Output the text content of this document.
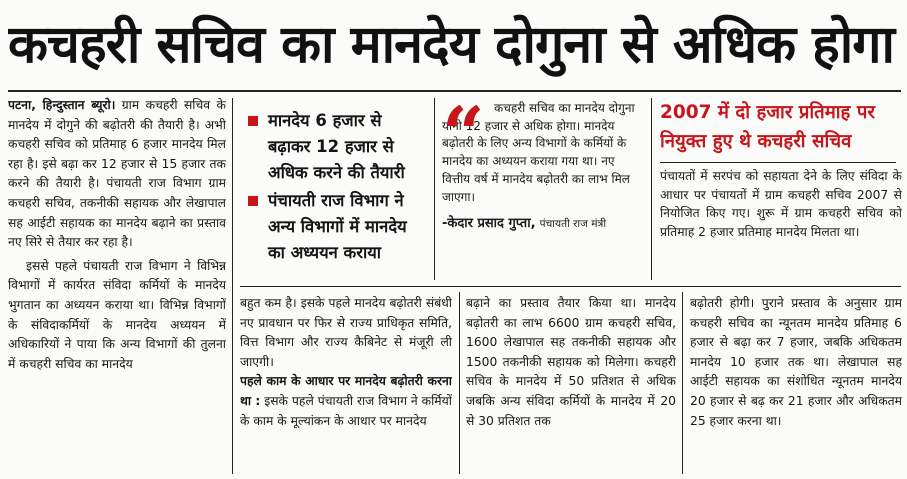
कचहरी सचिव का मानदेय दोगुना से अधिक होगा

पटना, हिन्दुस्तान ब्यूरो। ग्राम कचहरी सचिव के मानदेय में दोगुने की बढ़ोतरी की तैयारी है। अभी कचहरी सचिव को प्रतिमाह 6 हजार मानदेय मिल रहा है। इसे बढ़ा कर 12 हजार से 15 हजार तक करने की तैयारी है। पंचायती राज विभाग ग्राम कचहरी सचिव, तकनीकी सहायक और लेखापाल सह आईटी सहायक का मानदेय बढ़ाने का प्रस्ताव नए सिरे से तैयार कर रहा है।

इससे पहले पंचायती राज विभाग ने विभिन्न विभागों में कार्यरत संविदा कर्मियों के मानदेय भुगतान का अध्ययन कराया था। विभिन्न विभागों के संविदाकर्मियों के मानदेय अध्ययन में अधिकारियों ने पाया कि अन्य विभागों की तुलना में कचहरी सचिव का मानदेय

मानदेय 6 हजार से बढ़ाकर 12 हजार से अधिक करने की तैयारी
पंचायती राज विभाग ने अन्य विभागों में मानदेय का अध्ययन कराया
“ कचहरी सचिव का मानदेय दोगुना यानी 12 हजार से अधिक होगा। मानदेय बढ़ोतरी के लिए अन्य विभागों के कर्मियों के मानदेय का अध्ययन कराया गया था। नए वित्तीय वर्ष में मानदेय बढ़ोतरी का लाभ मिल जाएगा।
-केदार प्रसाद गुप्ता, पंचायती राज मंत्री
2007 में दो हजार प्रतिमाह पर नियुक्त हुए थे कचहरी सचिव
पंचायतों में सरपंच को सहायता देने के लिए संविदा के आधार पर पंचायतों में ग्राम कचहरी सचिव 2007 से नियोजित किए गए। शुरू में ग्राम कचहरी सचिव को प्रतिमाह 2 हजार प्रतिमाह मानदेय मिलता था।

बहुत कम है। इसके पहले मानदेय बढ़ोतरी संबंधी नए प्रावधान पर फिर से राज्य प्राधिकृत समिति, वित्त विभाग और राज्य कैबिनेट से मंजूरी ली जाएगी।

पहले काम के आधार पर मानदेय बढ़ोतरी करना था : इसके पहले पंचायती राज विभाग ने कर्मियों के काम के मूल्यांकन के आधार पर मानदेय

बढ़ाने का प्रस्ताव तैयार किया था। मानदेय बढ़ोतरी का लाभ 6600 ग्राम कचहरी सचिव, 1600 लेखापाल सह तकनीकी सहायक और 1500 तकनीकी सहायक को मिलेगा। कचहरी सचिव के मानदेय में 50 प्रतिशत से अधिक जबकि अन्य संविदा कर्मियों के मानदेय में 20 से 30 प्रतिशत तक

बढ़ोतरी होगी। पुराने प्रस्ताव के अनुसार ग्राम कचहरी सचिव का न्यूनतम मानदेय प्रतिमाह 6 हजार से बढ़ा कर 7 हजार, जबकि अधिकतम मानदेय 10 हजार तक था। लेखापाल सह आईटी सहायक का संशोधित न्यूनतम मानदेय 20 हजार से बढ़ कर 21 हजार और अधिकतम 25 हजार करना था।
